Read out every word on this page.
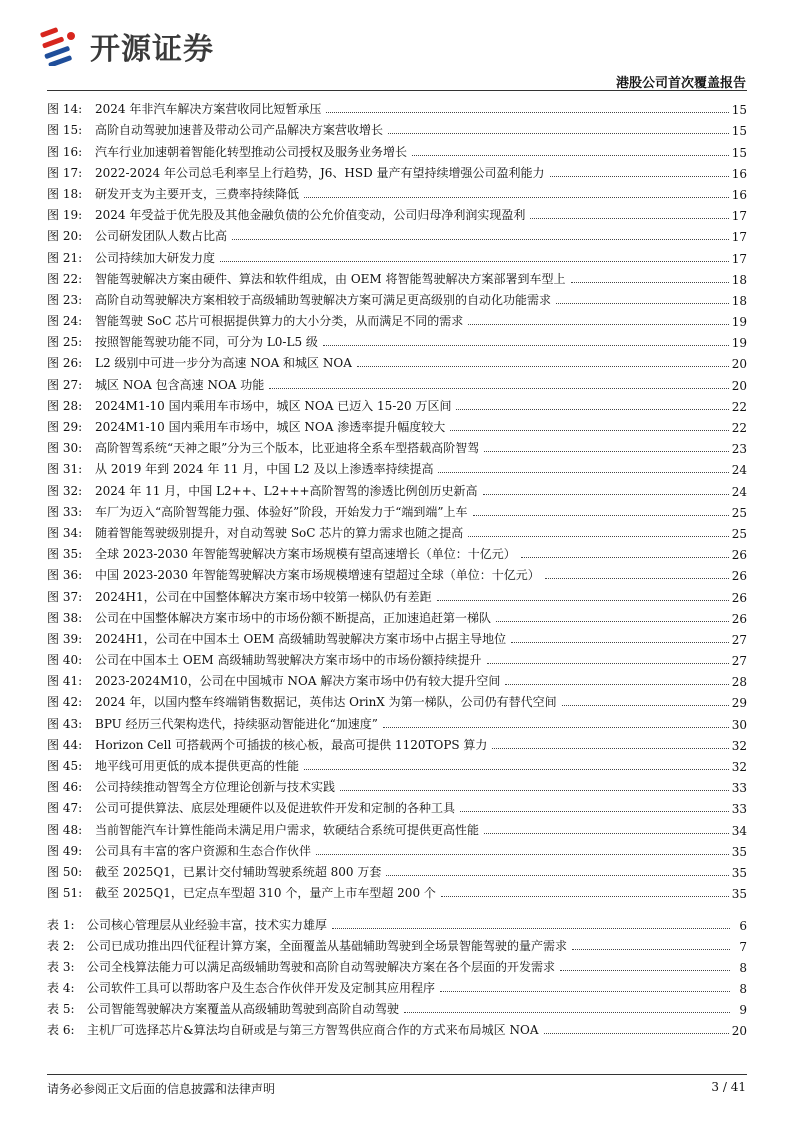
开源证券
港股公司首次覆盖报告
图 14:	2024 年非汽车解决方案营收同比短暂承压	15
图 15:	高阶自动驾驶加速普及带动公司产品解决方案营收增长	15
图 16:	汽车行业加速朝着智能化转型推动公司授权及服务业务增长	15
图 17:	2022-2024 年公司总毛利率呈上行趋势，J6、HSD 量产有望持续增强公司盈利能力	16
图 18:	研发开支为主要开支，三费率持续降低	16
图 19:	2024 年受益于优先股及其他金融负债的公允价值变动，公司归母净利润实现盈利	17
图 20:	公司研发团队人数占比高	17
图 21:	公司持续加大研发力度	17
图 22:	智能驾驶解决方案由硬件、算法和软件组成，由 OEM 将智能驾驶解决方案部署到车型上	18
图 23:	高阶自动驾驶解决方案相较于高级辅助驾驶解决方案可满足更高级别的自动化功能需求	18
图 24:	智能驾驶 SoC 芯片可根据提供算力的大小分类，从而满足不同的需求	19
图 25:	按照智能驾驶功能不同，可分为 L0-L5 级	19
图 26:	L2 级别中可进一步分为高速 NOA 和城区 NOA	20
图 27:	城区 NOA 包含高速 NOA 功能	20
图 28:	2024M1-10 国内乘用车市场中，城区 NOA 已迈入 15-20 万区间	22
图 29:	2024M1-10 国内乘用车市场中，城区 NOA 渗透率提升幅度较大	22
图 30:	高阶智驾系统“天神之眼”分为三个版本，比亚迪将全系车型搭载高阶智驾	23
图 31:	从 2019 年到 2024 年 11 月，中国 L2 及以上渗透率持续提高	24
图 32:	2024 年 11 月，中国 L2++、L2+++高阶智驾的渗透比例创历史新高	24
图 33:	车厂为迈入“高阶智驾能力强、体验好”阶段，开始发力于“端到端”上车	25
图 34:	随着智能驾驶级别提升，对自动驾驶 SoC 芯片的算力需求也随之提高	25
图 35:	全球 2023-2030 年智能驾驶解决方案市场规模有望高速增长（单位：十亿元）	26
图 36:	中国 2023-2030 年智能驾驶解决方案市场规模增速有望超过全球（单位：十亿元）	26
图 37:	2024H1，公司在中国整体解决方案市场中较第一梯队仍有差距	26
图 38:	公司在中国整体解决方案市场中的市场份额不断提高，正加速追赶第一梯队	26
图 39:	2024H1，公司在中国本土 OEM 高级辅助驾驶解决方案市场中占据主导地位	27
图 40:	公司在中国本土 OEM 高级辅助驾驶解决方案市场中的市场份额持续提升	27
图 41:	2023-2024M10，公司在中国城市 NOA 解决方案市场中仍有较大提升空间	28
图 42:	2024 年，以国内整车终端销售数据记，英伟达 OrinX 为第一梯队，公司仍有替代空间	29
图 43:	BPU 经历三代架构迭代，持续驱动智能进化“加速度”	30
图 44:	Horizon Cell 可搭载两个可插拔的核心板，最高可提供 1120TOPS 算力	32
图 45:	地平线可用更低的成本提供更高的性能	32
图 46:	公司持续推动智驾全方位理论创新与技术实践	33
图 47:	公司可提供算法、底层处理硬件以及促进软件开发和定制的各种工具	33
图 48:	当前智能汽车计算性能尚未满足用户需求，软硬结合系统可提供更高性能	34
图 49:	公司具有丰富的客户资源和生态合作伙伴	35
图 50:	截至 2025Q1，已累计交付辅助驾驶系统超 800 万套	35
图 51:	截至 2025Q1，已定点车型超 310 个，量产上市车型超 200 个	35
表 1:	公司核心管理层从业经验丰富，技术实力雄厚	6
表 2:	公司已成功推出四代征程计算方案，全面覆盖从基础辅助驾驶到全场景智能驾驶的量产需求	7
表 3:	公司全栈算法能力可以满足高级辅助驾驶和高阶自动驾驶解决方案在各个层面的开发需求	8
表 4:	公司软件工具可以帮助客户及生态合作伙伴开发及定制其应用程序	8
表 5:	公司智能驾驶解决方案覆盖从高级辅助驾驶到高阶自动驾驶	9
表 6:	主机厂可选择芯片&算法均自研或是与第三方智驾供应商合作的方式来布局城区 NOA	20
请务必参阅正文后面的信息披露和法律声明	3 / 41
